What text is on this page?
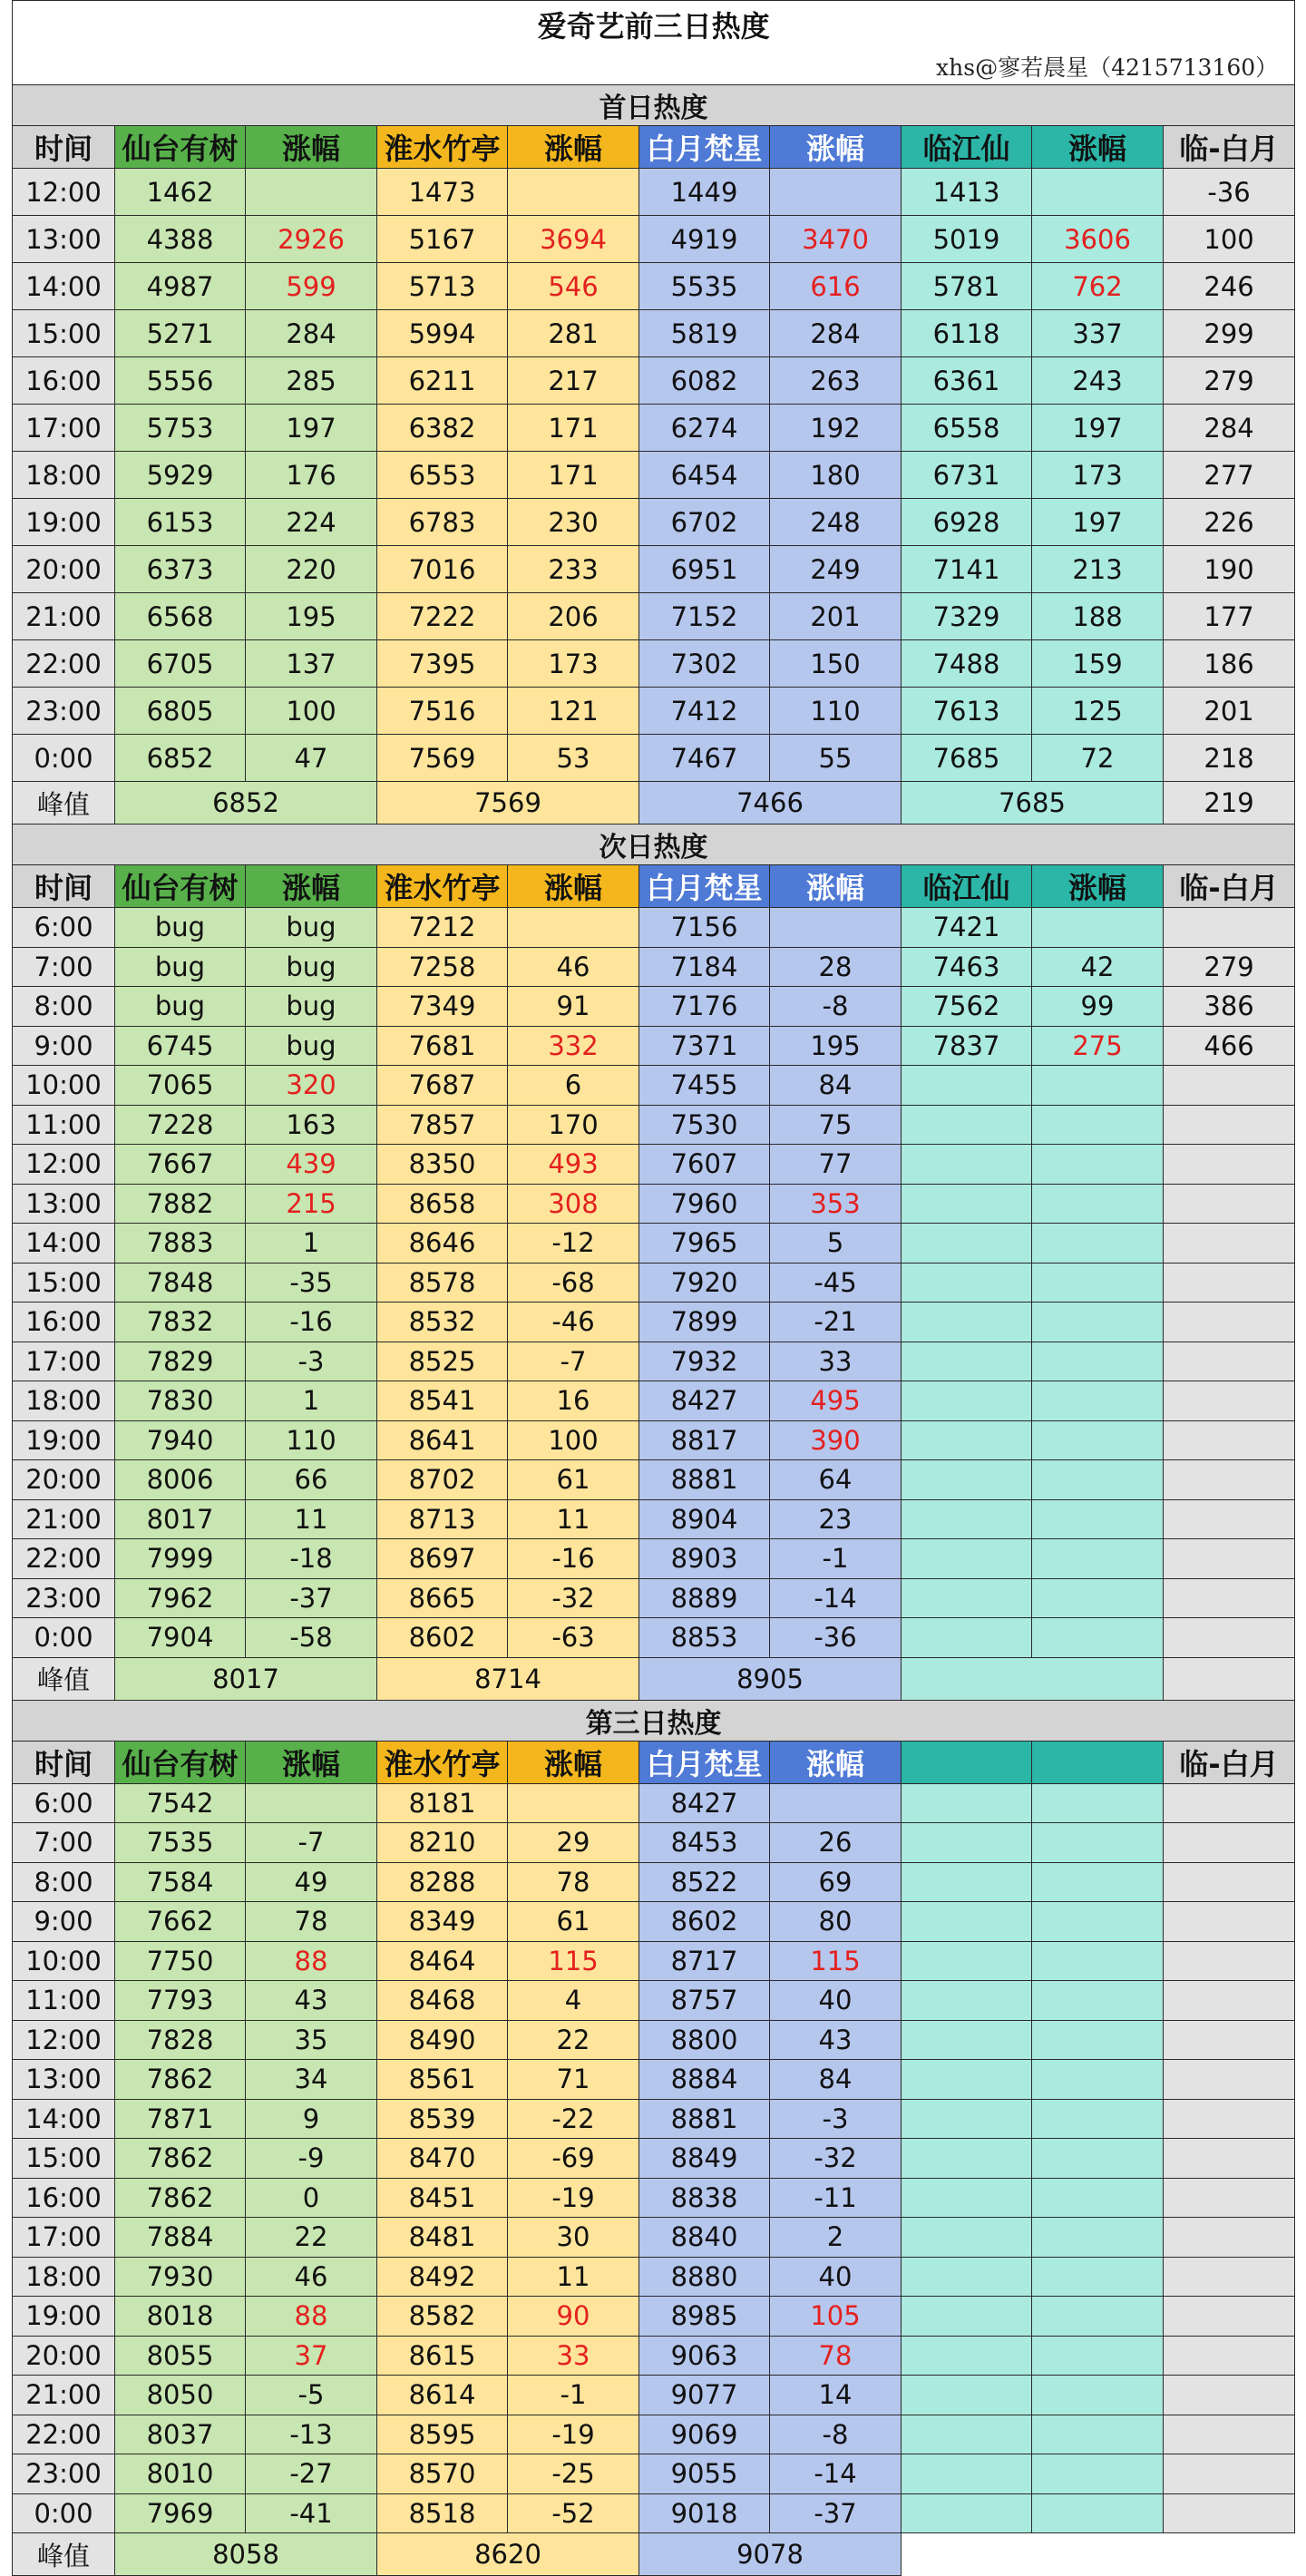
爱奇艺前三日热度									
xhs@寥若晨星（4215713160）									
首日热度									
时间	仙台有树	涨幅	淮水竹亭	涨幅	白月梵星	涨幅	临江仙	涨幅	临-白月
12:00	1462		1473		1449		1413		-36
13:00	4388	2926	5167	3694	4919	3470	5019	3606	100
14:00	4987	599	5713	546	5535	616	5781	762	246
15:00	5271	284	5994	281	5819	284	6118	337	299
16:00	5556	285	6211	217	6082	263	6361	243	279
17:00	5753	197	6382	171	6274	192	6558	197	284
18:00	5929	176	6553	171	6454	180	6731	173	277
19:00	6153	224	6783	230	6702	248	6928	197	226
20:00	6373	220	7016	233	6951	249	7141	213	190
21:00	6568	195	7222	206	7152	201	7329	188	177
22:00	6705	137	7395	173	7302	150	7488	159	186
23:00	6805	100	7516	121	7412	110	7613	125	201
0:00	6852	47	7569	53	7467	55	7685	72	218
峰值	6852		7569		7466		7685		219
次日热度									
时间	仙台有树	涨幅	淮水竹亭	涨幅	白月梵星	涨幅	临江仙	涨幅	临-白月
6:00	bug	bug	7212		7156		7421		
7:00	bug	bug	7258	46	7184	28	7463	42	279
8:00	bug	bug	7349	91	7176	-8	7562	99	386
9:00	6745	bug	7681	332	7371	195	7837	275	466
10:00	7065	320	7687	6	7455	84			
11:00	7228	163	7857	170	7530	75			
12:00	7667	439	8350	493	7607	77			
13:00	7882	215	8658	308	7960	353			
14:00	7883	1	8646	-12	7965	5			
15:00	7848	-35	8578	-68	7920	-45			
16:00	7832	-16	8532	-46	7899	-21			
17:00	7829	-3	8525	-7	7932	33			
18:00	7830	1	8541	16	8427	495			
19:00	7940	110	8641	100	8817	390			
20:00	8006	66	8702	61	8881	64			
21:00	8017	11	8713	11	8904	23			
22:00	7999	-18	8697	-16	8903	-1			
23:00	7962	-37	8665	-32	8889	-14			
0:00	7904	-58	8602	-63	8853	-36			
峰值	8017		8714		8905				
第三日热度									
时间	仙台有树	涨幅	淮水竹亭	涨幅	白月梵星	涨幅			临-白月
6:00	7542		8181		8427				
7:00	7535	-7	8210	29	8453	26			
8:00	7584	49	8288	78	8522	69			
9:00	7662	78	8349	61	8602	80			
10:00	7750	88	8464	115	8717	115			
11:00	7793	43	8468	4	8757	40			
12:00	7828	35	8490	22	8800	43			
13:00	7862	34	8561	71	8884	84			
14:00	7871	9	8539	-22	8881	-3			
15:00	7862	-9	8470	-69	8849	-32			
16:00	7862	0	8451	-19	8838	-11			
17:00	7884	22	8481	30	8840	2			
18:00	7930	46	8492	11	8880	40			
19:00	8018	88	8582	90	8985	105			
20:00	8055	37	8615	33	9063	78			
21:00	8050	-5	8614	-1	9077	14			
22:00	8037	-13	8595	-19	9069	-8			
23:00	8010	-27	8570	-25	9055	-14			
0:00	7969	-41	8518	-52	9018	-37			
峰值	8058		8620		9078				
